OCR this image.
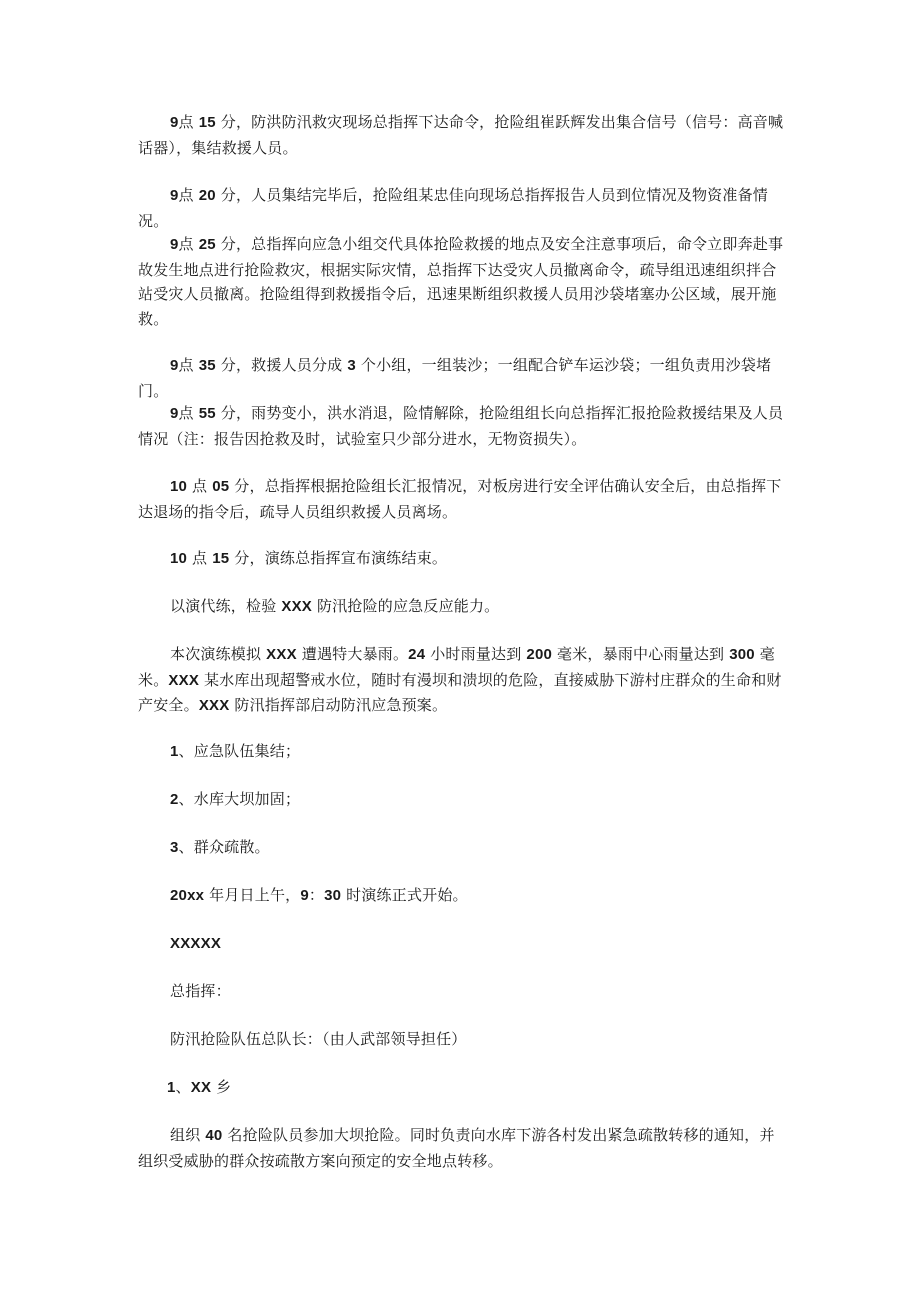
9点 15 分，防洪防汛救灾现场总指挥下达命令，抢险组崔跃辉发出集合信号（信号：高音喊话器），集结救援人员。

9点 20 分，人员集结完毕后，抢险组某忠佳向现场总指挥报告人员到位情况及物资准备情况。

9点 25 分，总指挥向应急小组交代具体抢险救援的地点及安全注意事项后，命令立即奔赴事故发生地点进行抢险救灾，根据实际灾情，总指挥下达受灾人员撤离命令，疏导组迅速组织拌合站受灾人员撤离。抢险组得到救援指令后，迅速果断组织救援人员用沙袋堵塞办公区域，展开施救。

9点 35 分，救援人员分成 3 个小组，一组装沙；一组配合铲车运沙袋；一组负责用沙袋堵门。

9点 55 分，雨势变小，洪水消退，险情解除，抢险组组长向总指挥汇报抢险救援结果及人员情况（注：报告因抢救及时，试验室只少部分进水，无物资损失）。

10 点 05 分，总指挥根据抢险组长汇报情况，对板房进行安全评估确认安全后，由总指挥下达退场的指令后，疏导人员组织救援人员离场。

10 点 15 分，演练总指挥宣布演练结束。

以演代练，检验 XXX 防汛抢险的应急反应能力。

本次演练模拟 XXX 遭遇特大暴雨。24 小时雨量达到 200 毫米，暴雨中心雨量达到 300 毫米。XXX 某水库出现超警戒水位，随时有漫坝和溃坝的危险，直接威胁下游村庄群众的生命和财产安全。XXX 防汛指挥部启动防汛应急预案。

1、应急队伍集结；

2、水库大坝加固；

3、群众疏散。

20xx 年月日上午，9：30 时演练正式开始。

XXXXX

总指挥：

防汛抢险队伍总队长：（由人武部领导担任）

1、XX 乡

组织 40 名抢险队员参加大坝抢险。同时负责向水库下游各村发出紧急疏散转移的通知，并组织受威胁的群众按疏散方案向预定的安全地点转移。
